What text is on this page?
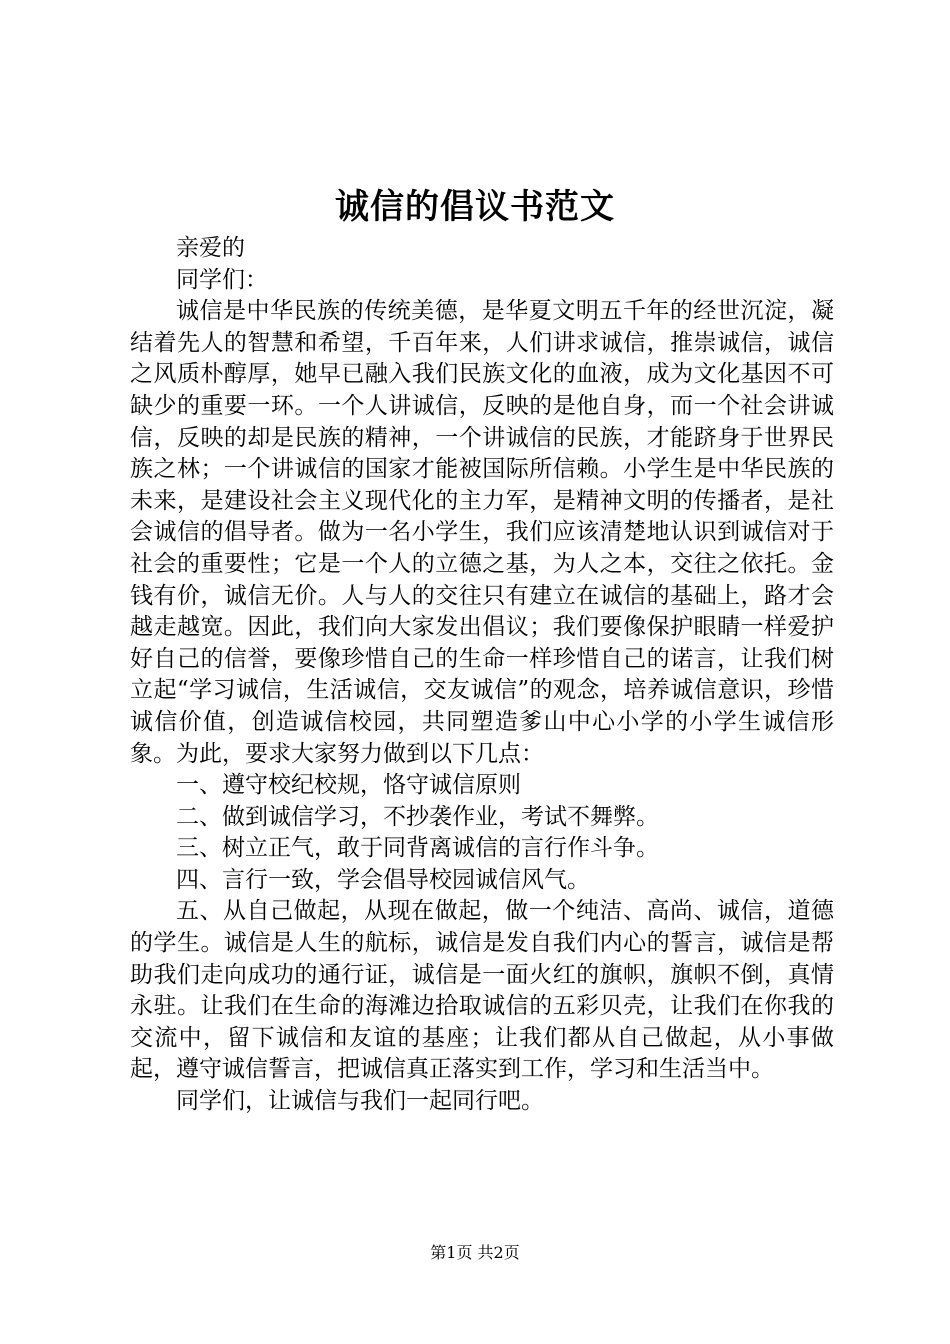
诚信的倡议书范文

亲爱的

同学们：

诚信是中华民族的传统美德，是华夏文明五千年的经世沉淀，凝结着先人的智慧和希望，千百年来，人们讲求诚信，推崇诚信，诚信之风质朴醇厚，她早已融入我们民族文化的血液，成为文化基因不可缺少的重要一环。一个人讲诚信，反映的是他自身，而一个社会讲诚信，反映的却是民族的精神，一个讲诚信的民族，才能跻身于世界民族之林；一个讲诚信的国家才能被国际所信赖。小学生是中华民族的未来，是建设社会主义现代化的主力军，是精神文明的传播者，是社会诚信的倡导者。做为一名小学生，我们应该清楚地认识到诚信对于社会的重要性；它是一个人的立德之基，为人之本，交往之依托。金钱有价，诚信无价。人与人的交往只有建立在诚信的基础上，路才会越走越宽。因此，我们向大家发出倡议；我们要像保护眼睛一样爱护好自己的信誉，要像珍惜自己的生命一样珍惜自己的诺言，让我们树立起“学习诚信，生活诚信，交友诚信”的观念，培养诚信意识，珍惜诚信价值，创造诚信校园，共同塑造爹山中心小学的小学生诚信形象。为此，要求大家努力做到以下几点：

一、遵守校纪校规，恪守诚信原则

二、做到诚信学习，不抄袭作业，考试不舞弊。

三、树立正气，敢于同背离诚信的言行作斗争。

四、言行一致，学会倡导校园诚信风气。

五、从自己做起，从现在做起，做一个纯洁、高尚、诚信，道德的学生。诚信是人生的航标，诚信是发自我们内心的誓言，诚信是帮助我们走向成功的通行证，诚信是一面火红的旗帜，旗帜不倒，真情永驻。让我们在生命的海滩边拾取诚信的五彩贝壳，让我们在你我的交流中，留下诚信和友谊的基座；让我们都从自己做起，从小事做起，遵守诚信誓言，把诚信真正落实到工作，学习和生活当中。

同学们，让诚信与我们一起同行吧。

第1页 共2页
